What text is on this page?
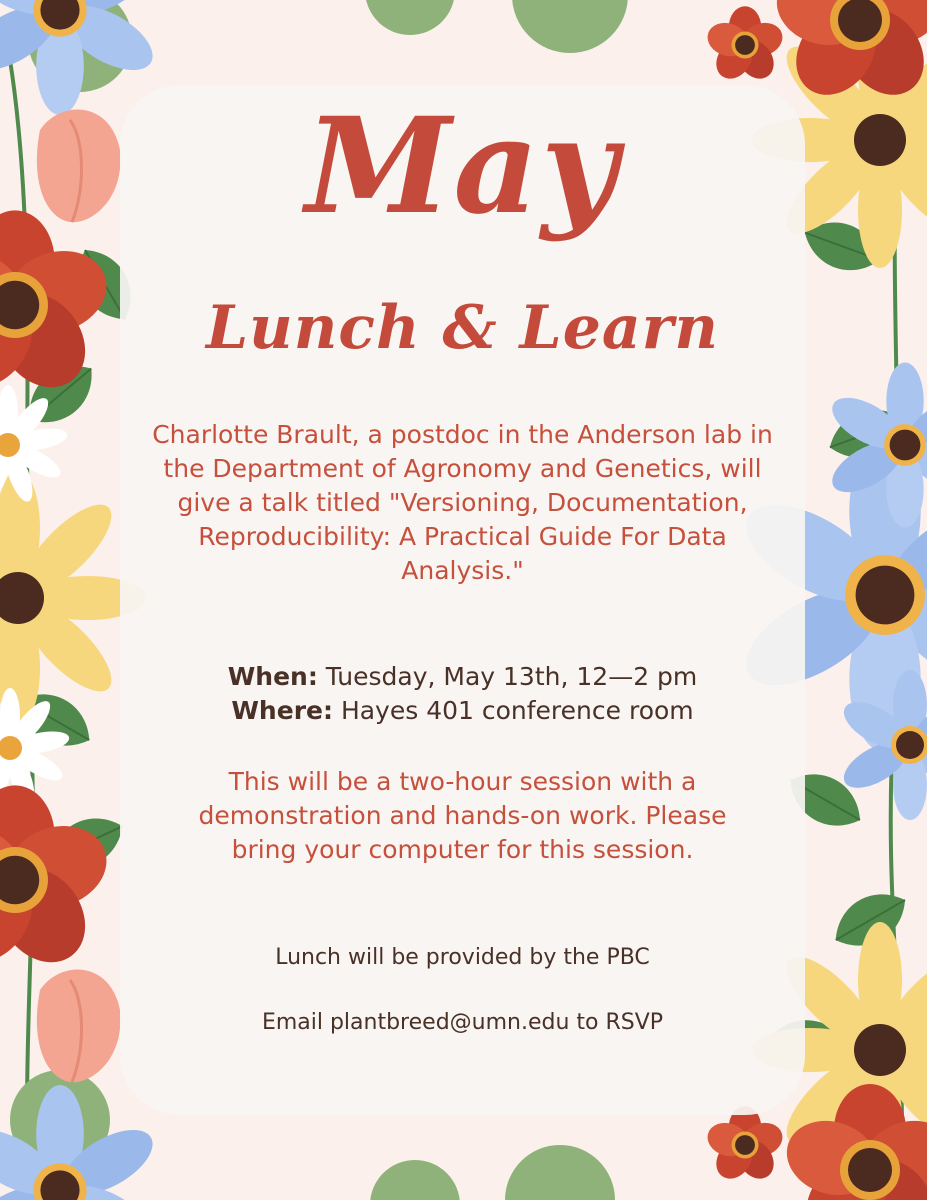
May
Lunch & Learn

Charlotte Brault, a postdoc in the Anderson lab in the Department of Agronomy and Genetics, will give a talk titled "Versioning, Documentation, Reproducibility: A Practical Guide For Data Analysis."

When: Tuesday, May 13th, 12—2 pm

Where: Hayes 401 conference room

This will be a two-hour session with a demonstration and hands-on work. Please bring your computer for this session.

Lunch will be provided by the PBC

Email plantbreed@umn.edu to RSVP
